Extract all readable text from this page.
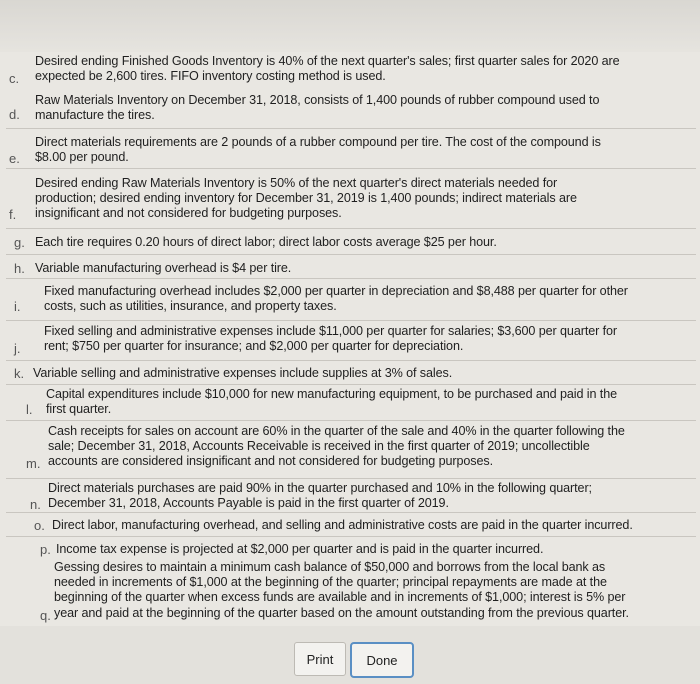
c.
Desired ending Finished Goods Inventory is 40% of the next quarter's sales; first quarter sales for 2020 are
expected be 2,600 tires. FIFO inventory costing method is used.
d.
Raw Materials Inventory on December 31, 2018, consists of 1,400 pounds of rubber compound used to
manufacture the tires.
e.
Direct materials requirements are 2 pounds of a rubber compound per tire. The cost of the compound is
$8.00 per pound.
f.
Desired ending Raw Materials Inventory is 50% of the next quarter's direct materials needed for
production; desired ending inventory for December 31, 2019 is 1,400 pounds; indirect materials are
insignificant and not considered for budgeting purposes.
g. Each tire requires 0.20 hours of direct labor; direct labor costs average $25 per hour.
h. Variable manufacturing overhead is $4 per tire.
i.
Fixed manufacturing overhead includes $2,000 per quarter in depreciation and $8,488 per quarter for other
costs, such as utilities, insurance, and property taxes.
j.
Fixed selling and administrative expenses include $11,000 per quarter for salaries; $3,600 per quarter for
rent; $750 per quarter for insurance; and $2,000 per quarter for depreciation.
k. Variable selling and administrative expenses include supplies at 3% of sales.
l.
Capital expenditures include $10,000 for new manufacturing equipment, to be purchased and paid in the
first quarter.
m.
Cash receipts for sales on account are 60% in the quarter of the sale and 40% in the quarter following the
sale; December 31, 2018, Accounts Receivable is received in the first quarter of 2019; uncollectible
accounts are considered insignificant and not considered for budgeting purposes.
n.
Direct materials purchases are paid 90% in the quarter purchased and 10% in the following quarter;
December 31, 2018, Accounts Payable is paid in the first quarter of 2019.
o. Direct labor, manufacturing overhead, and selling and administrative costs are paid in the quarter incurred.
p. Income tax expense is projected at $2,000 per quarter and is paid in the quarter incurred.
q.
Gessing desires to maintain a minimum cash balance of $50,000 and borrows from the local bank as
needed in increments of $1,000 at the beginning of the quarter; principal repayments are made at the
beginning of the quarter when excess funds are available and in increments of $1,000; interest is 5% per
year and paid at the beginning of the quarter based on the amount outstanding from the previous quarter.
Print	Done
